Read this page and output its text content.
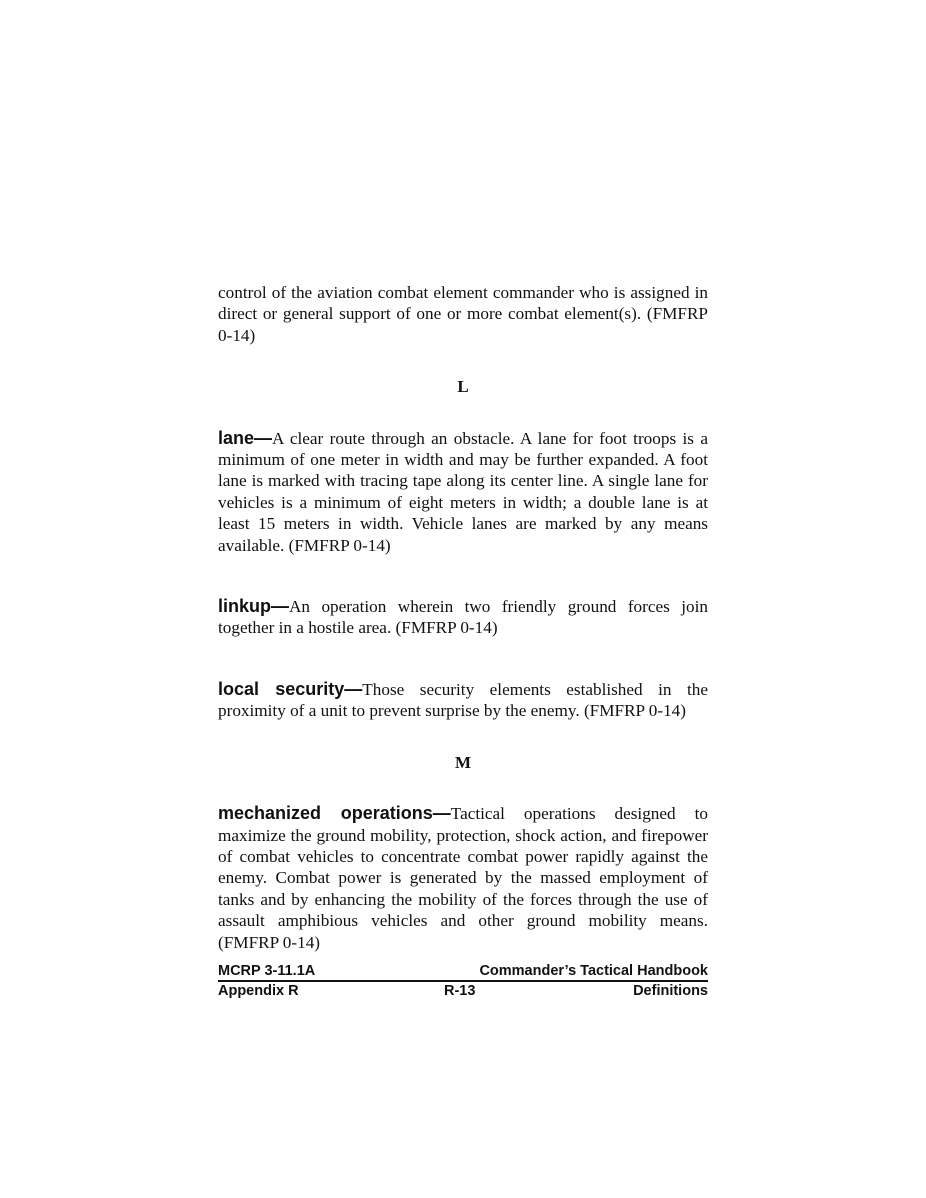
control of the aviation combat element commander who is assigned in direct or general support of one or more combat element(s). (FMFRP 0-14)

L

lane—A clear route through an obstacle. A lane for foot troops is a minimum of one meter in width and may be further expanded. A foot lane is marked with tracing tape along its center line. A single lane for vehicles is a minimum of eight meters in width; a double lane is at least 15 meters in width. Vehicle lanes are marked by any means available. (FMFRP 0-14)

linkup—An operation wherein two friendly ground forces join together in a hostile area. (FMFRP 0-14)

local security—Those security elements established in the proximity of a unit to prevent surprise by the enemy. (FMFRP 0-14)

M

mechanized operations—Tactical operations designed to maximize the ground mobility, protection, shock action, and firepower of combat vehicles to concentrate combat power rapidly against the enemy. Combat power is generated by the massed employment of tanks and by enhancing the mobility of the forces through the use of assault amphibious vehicles and other ground mobility means. (FMFRP 0-14)

MCRP 3-11.1A	Commander’s Tactical Handbook
Appendix R	R-13	Definitions
